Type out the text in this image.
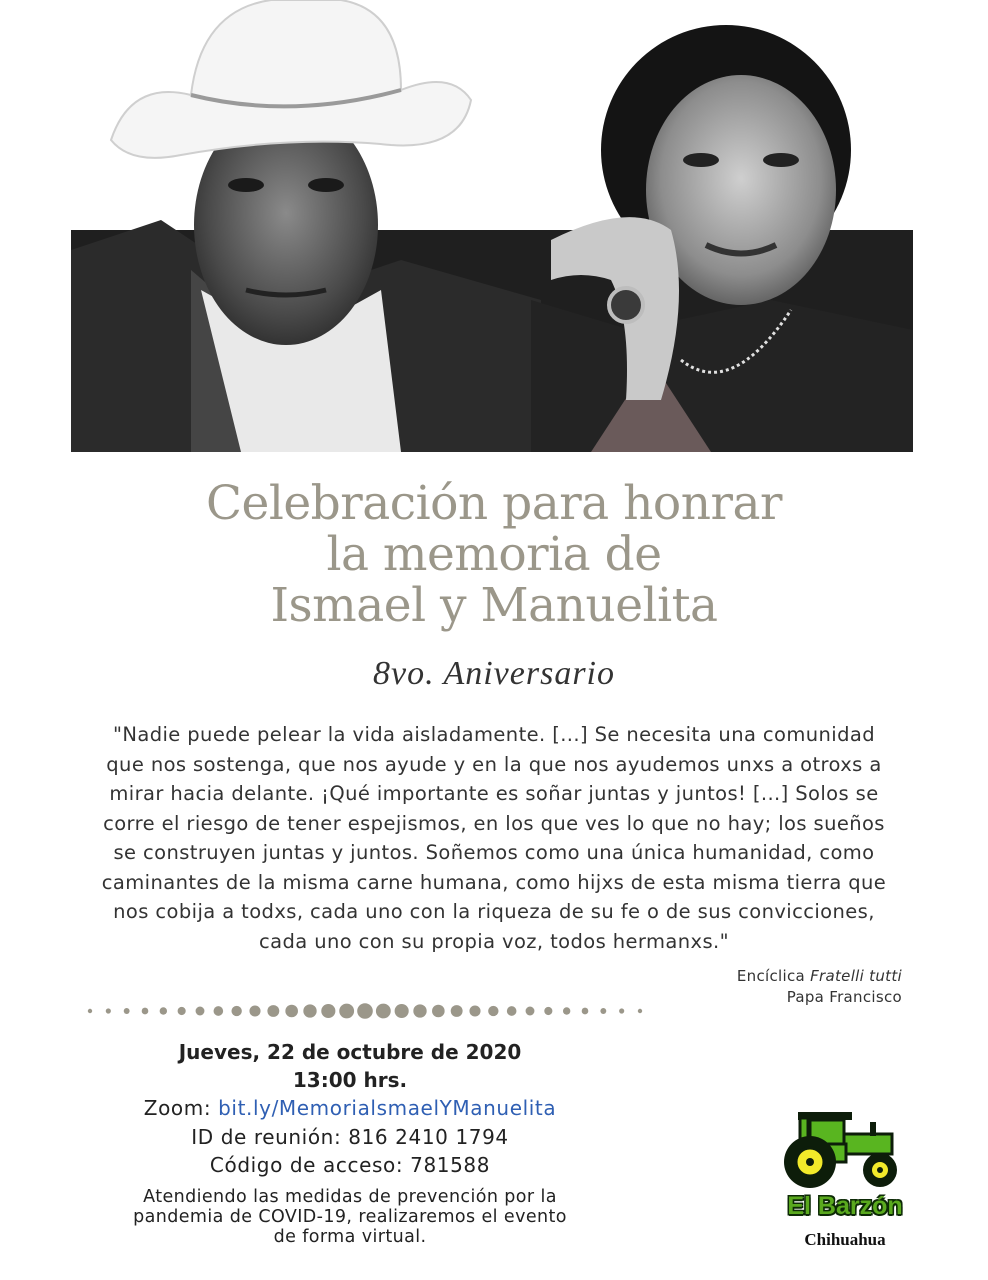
Celebración para honrar
la memoria de
Ismael y Manuelita
8vo. Aniversario
"Nadie puede pelear la vida aisladamente. [...] Se necesita una comunidad
que nos sostenga, que nos ayude y en la que nos ayudemos unxs a otroxs a
mirar hacia delante. ¡Qué importante es soñar juntas y juntos! [...] Solos se
corre el riesgo de tener espejismos, en los que ves lo que no hay; los sueños
se construyen juntas y juntos. Soñemos como una única humanidad, como
caminantes de la misma carne humana, como hijxs de esta misma tierra que
nos cobija a todxs, cada uno con la riqueza de su fe o de sus convicciones,
cada uno con su propia voz, todos hermanxs."
Encíclica Fratelli tutti
Papa Francisco
Jueves, 22 de octubre de 2020
13:00 hrs.
Zoom: bit.ly/MemorialsmaelYManuelita
ID de reunión: 816 2410 1794
Código de acceso: 781588
Atendiendo las medidas de prevención por la
pandemia de COVID-19, realizaremos el evento
de forma virtual.
El Barzón
Chihuahua
